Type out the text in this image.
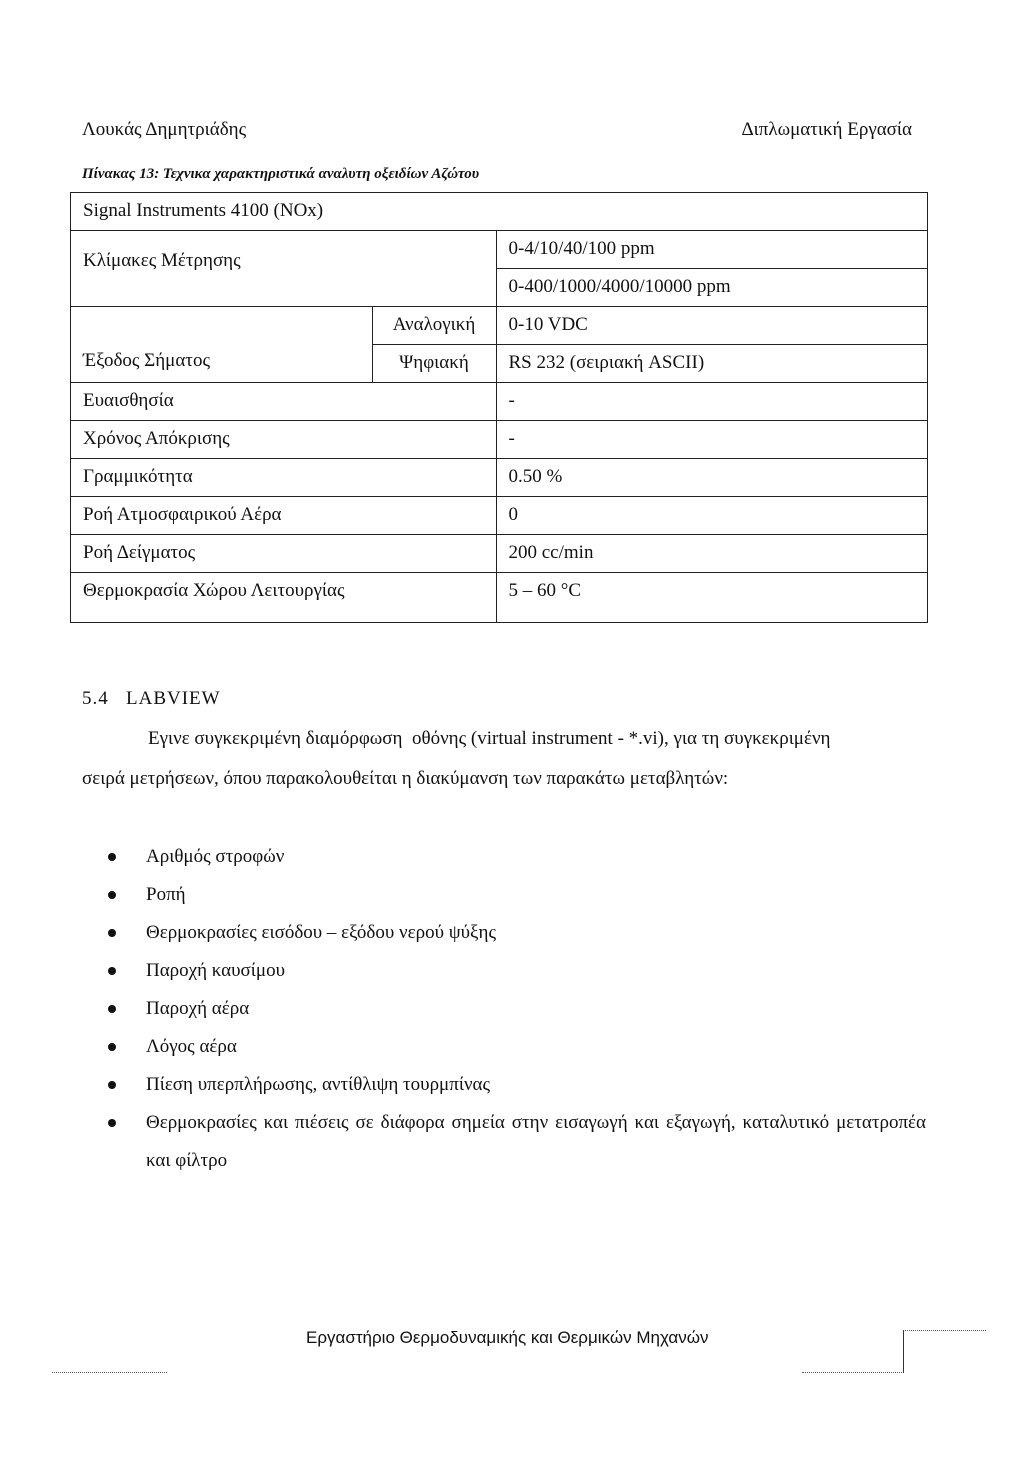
Λουκάς Δημητριάδης	Διπλωματική Εργασία
Πίνακας 13: Τεχνικα χαρακτηριστικά αναλυτη οξειδίων Αζώτου
Signal Instruments 4100 (NOx)		
		0-4/10/40/100 ppm
Κλίμακες Μέτρησης		0-400/1000/4000/10000 ppm
	Αναλογική	0-10 VDC
Έξοδος Σήματος	Ψηφιακή	RS 232 (σειριακή ASCII)
Ευαισθησία		-
Χρόνος Απόκρισης		-
Γραμμικότητα		0.50 %
Ροή Ατμοσφαιρικού Αέρα		0
Ροή Δείγματος		200 cc/min
Θερμοκρασία Χώρου Λειτουργίας		5 – 60 °C
5.4   LABVIEW
Εγινε συγκεκριμένη διαμόρφωση  οθόνης (virtual instrument - *.vi), για τη συγκεκριμένη
σειρά μετρήσεων, όπου παρακολουθείται η διακύμανση των παρακάτω μεταβλητών:
Αριθμός στροφών
Ροπή
Θερμοκρασίες εισόδου – εξόδου νερού ψύξης
Παροχή καυσίμου
Παροχή αέρα
Λόγος αέρα
Πίεση υπερπλήρωσης, αντίθλιψη τουρμπίνας
Θερμοκρασίες και πιέσεις σε διάφορα σημεία στην εισαγωγή και εξαγωγή, καταλυτικό μετατροπέα και φίλτρο
Εργαστήριο Θερμοδυναμικής και Θερμικών Μηχανών
